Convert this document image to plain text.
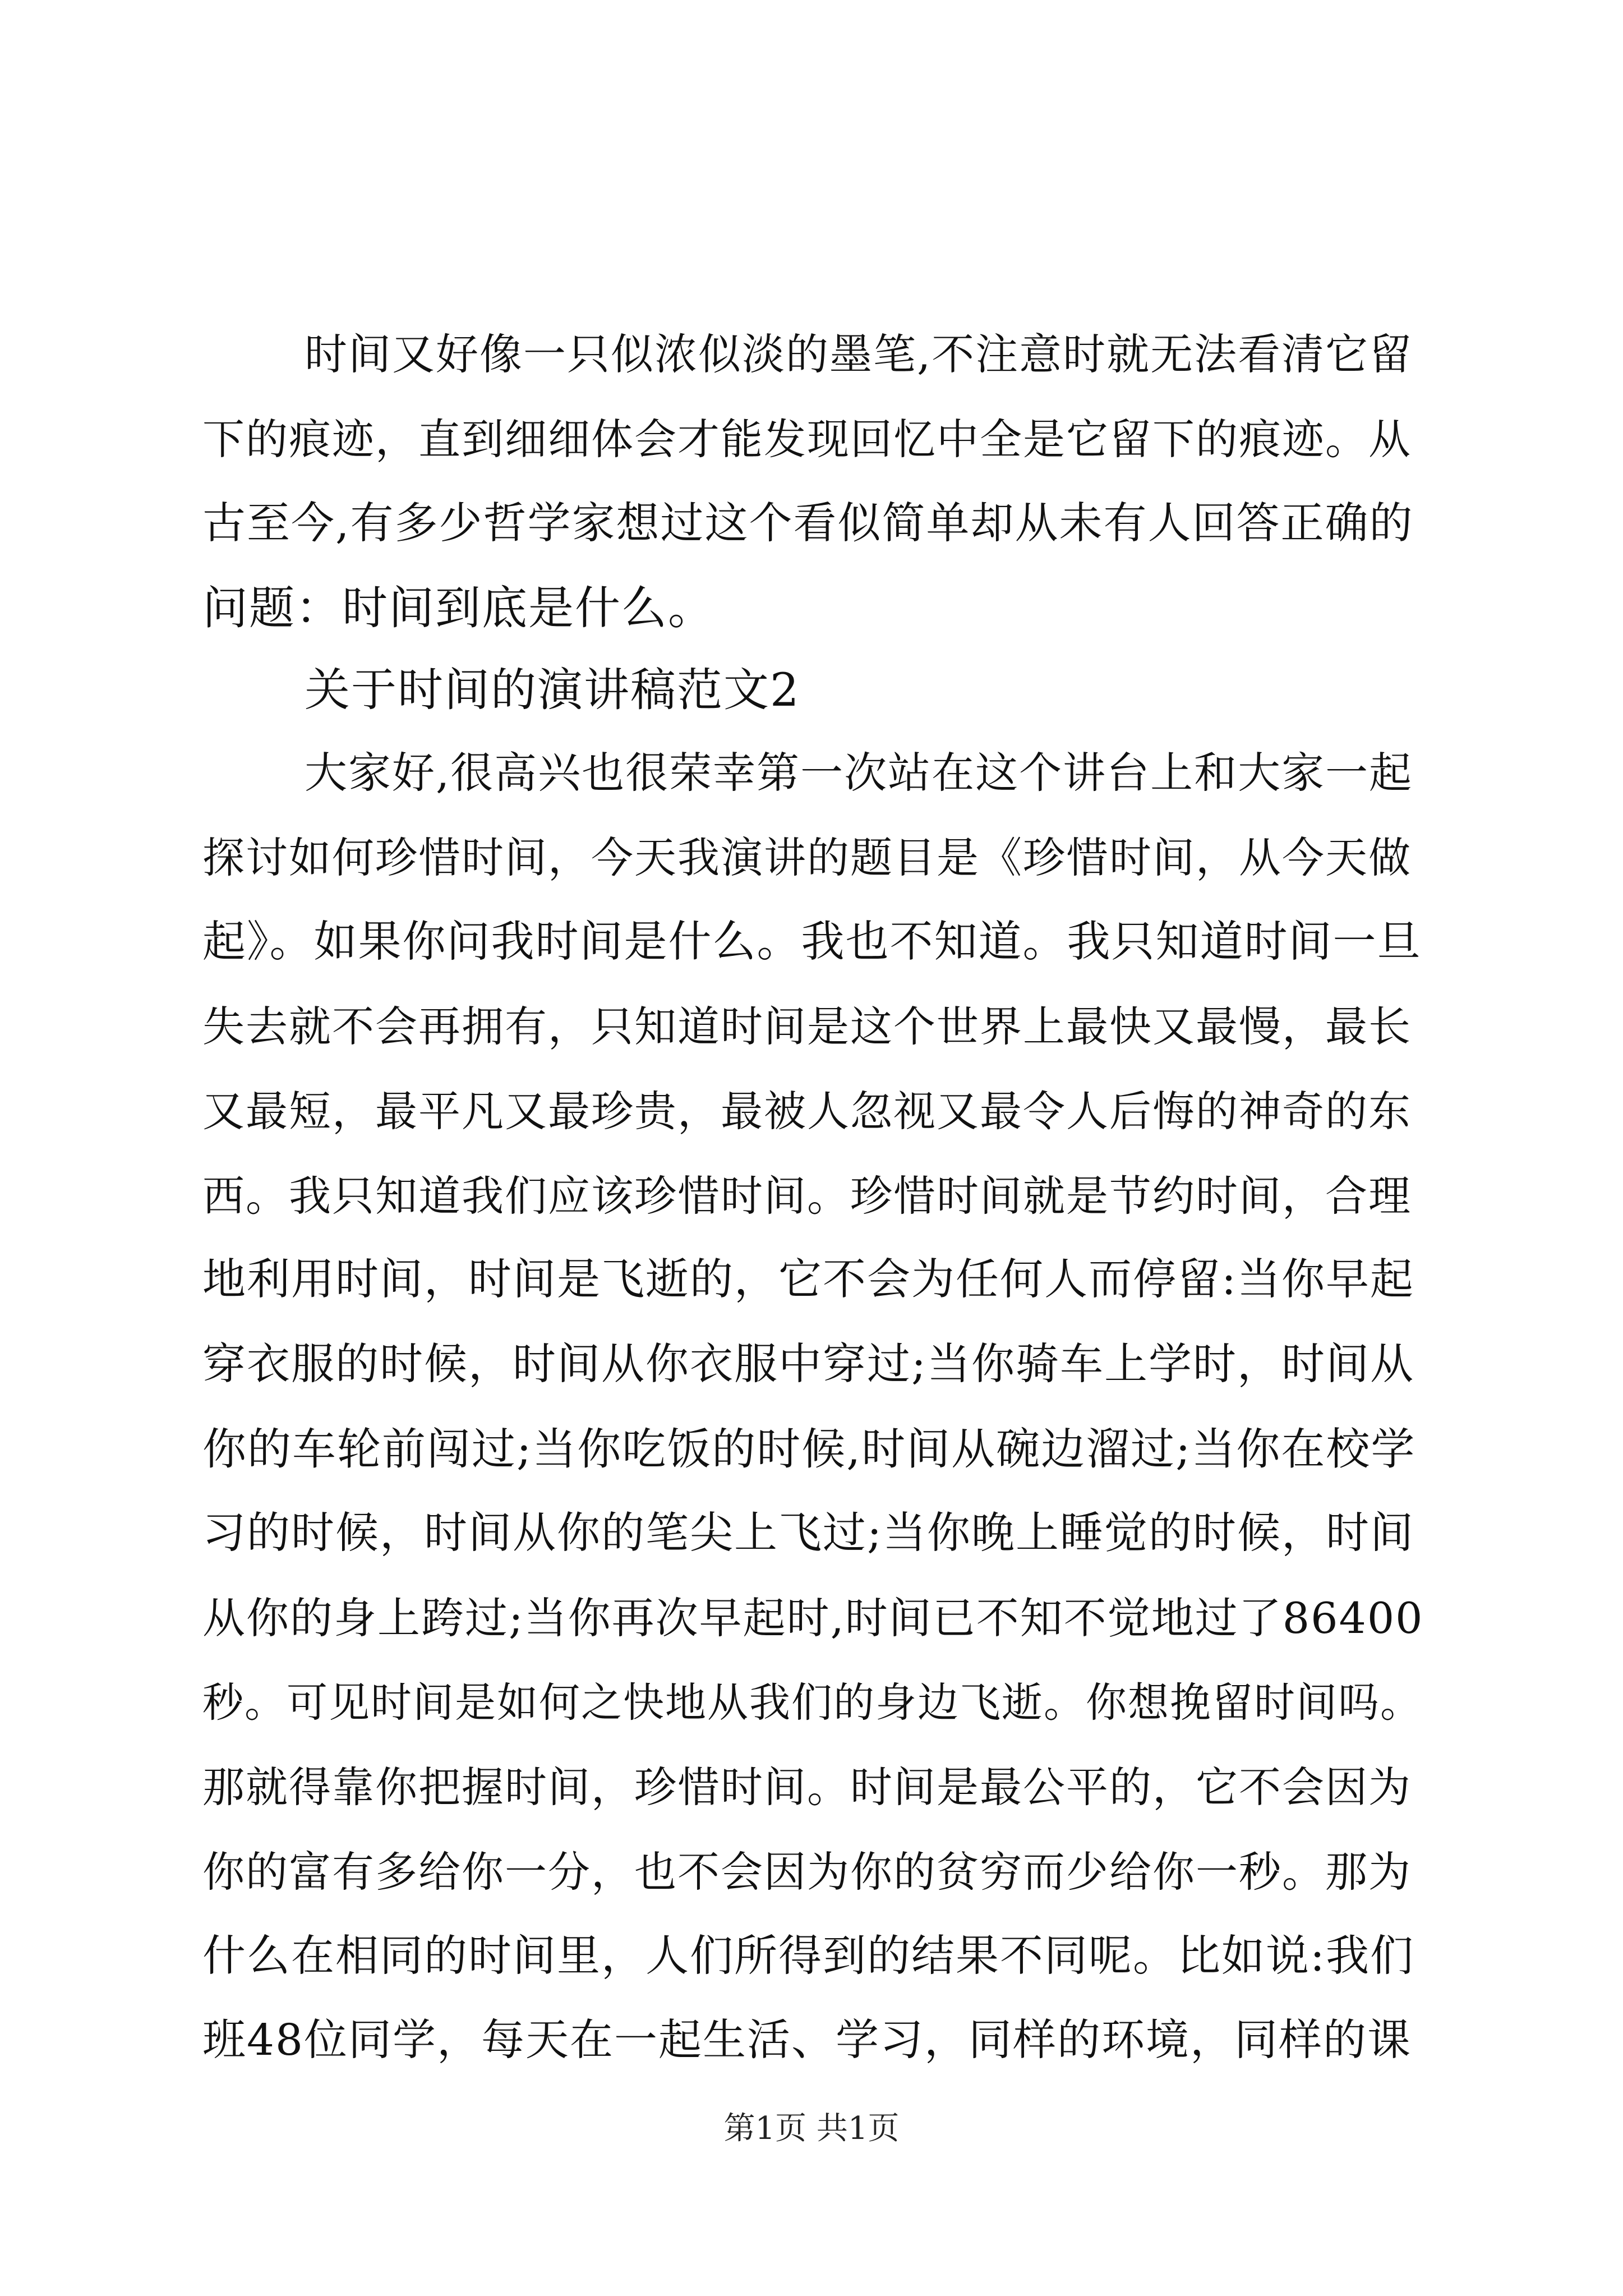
时间又好像一只似浓似淡的墨笔,不注意时就无法看清它留
下的痕迹，直到细细体会才能发现回忆中全是它留下的痕迹。从
古至今,有多少哲学家想过这个看似简单却从未有人回答正确的
问题：时间到底是什么。
关于时间的演讲稿范文2
大家好,很高兴也很荣幸第一次站在这个讲台上和大家一起
探讨如何珍惜时间，今天我演讲的题目是《珍惜时间，从今天做
起》。如果你问我时间是什么。我也不知道。我只知道时间一旦
失去就不会再拥有，只知道时间是这个世界上最快又最慢，最长
又最短，最平凡又最珍贵，最被人忽视又最令人后悔的神奇的东
西。我只知道我们应该珍惜时间。珍惜时间就是节约时间，合理
地利用时间，时间是飞逝的，它不会为任何人而停留:当你早起
穿衣服的时候，时间从你衣服中穿过;当你骑车上学时，时间从
你的车轮前闯过;当你吃饭的时候,时间从碗边溜过;当你在校学
习的时候，时间从你的笔尖上飞过;当你晚上睡觉的时候，时间
从你的身上跨过;当你再次早起时,时间已不知不觉地过了86400
秒。可见时间是如何之快地从我们的身边飞逝。你想挽留时间吗。
那就得靠你把握时间，珍惜时间。时间是最公平的，它不会因为
你的富有多给你一分，也不会因为你的贫穷而少给你一秒。那为
什么在相同的时间里，人们所得到的结果不同呢。比如说:我们
班48位同学，每天在一起生活、学习，同样的环境，同样的课
第1页 共1页
